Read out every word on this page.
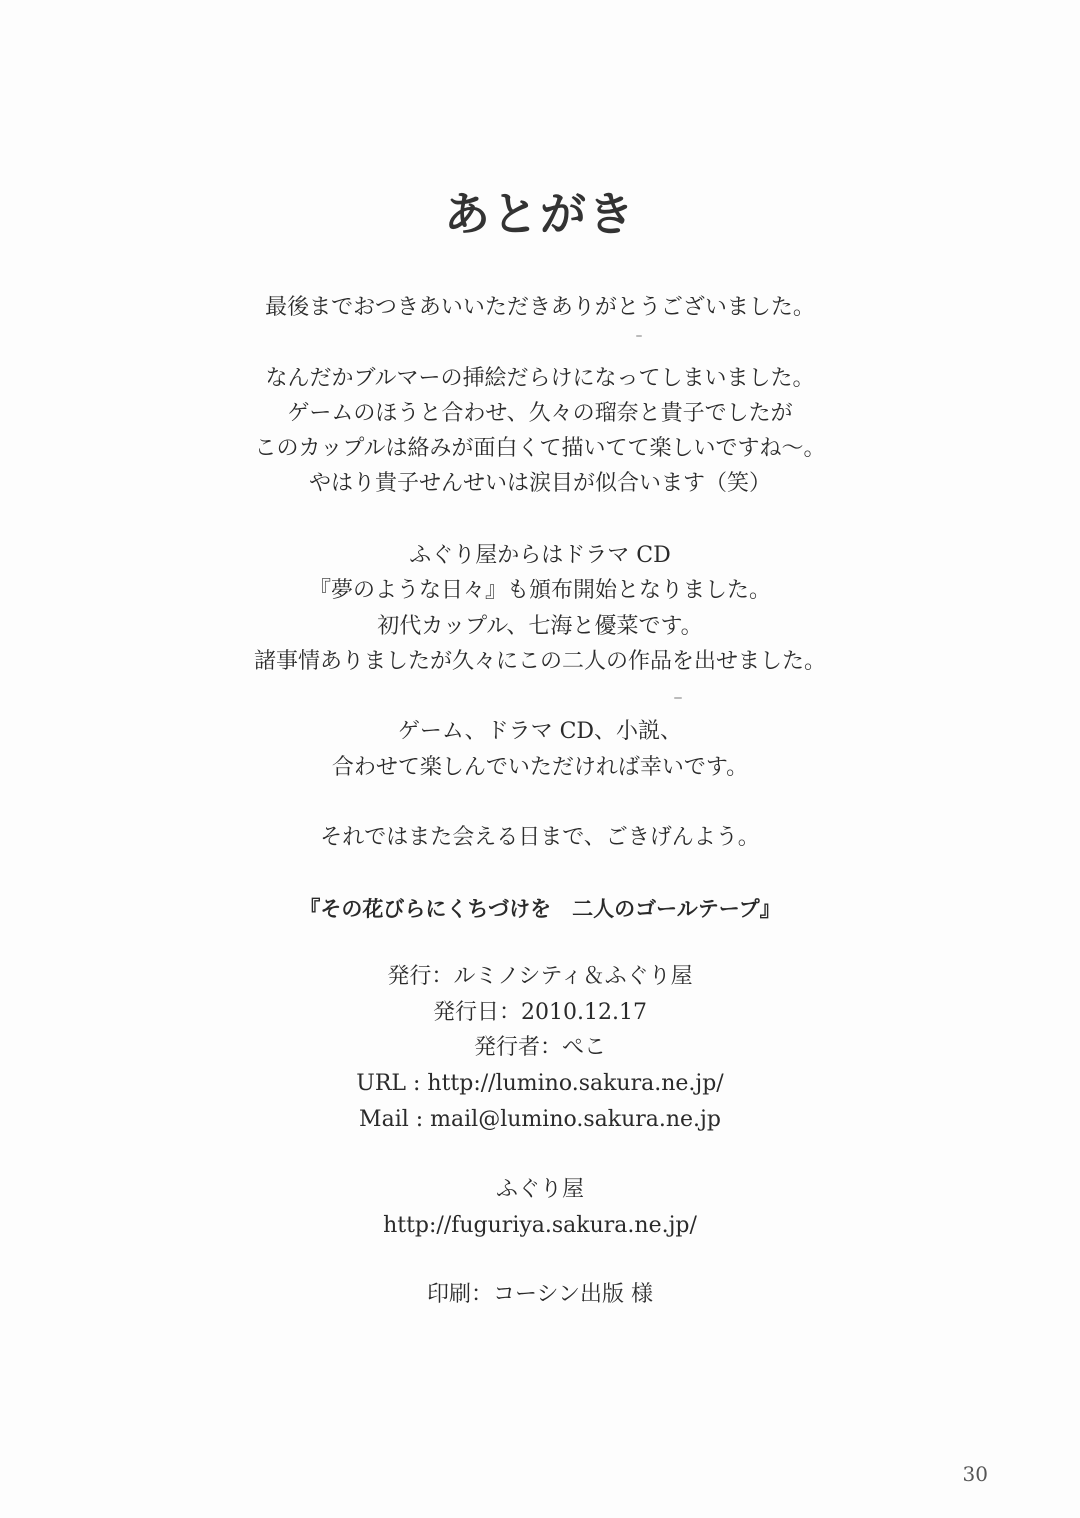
あとがき
最後までおつきあいいただきありがとうございました。
なんだかブルマーの挿絵だらけになってしまいました。
ゲームのほうと合わせ、久々の瑠奈と貴子でしたが
このカップルは絡みが面白くて描いてて楽しいですね～。
やはり貴子せんせいは涙目が似合います（笑）
ふぐり屋からはドラマ CD
『夢のような日々』も頒布開始となりました。
初代カップル、七海と優菜です。
諸事情ありましたが久々にこの二人の作品を出せました。
ゲーム、ドラマ CD、小説、
合わせて楽しんでいただければ幸いです。
それではまた会える日まで、ごきげんよう。
『その花びらにくちづけを　二人のゴールテープ』
発行：ルミノシティ＆ふぐり屋
発行日：2010.12.17
発行者：ぺこ
URL : http://lumino.sakura.ne.jp/
Mail : mail@lumino.sakura.ne.jp
ふぐり屋
http://fuguriya.sakura.ne.jp/
印刷：コーシン出版 様
30
